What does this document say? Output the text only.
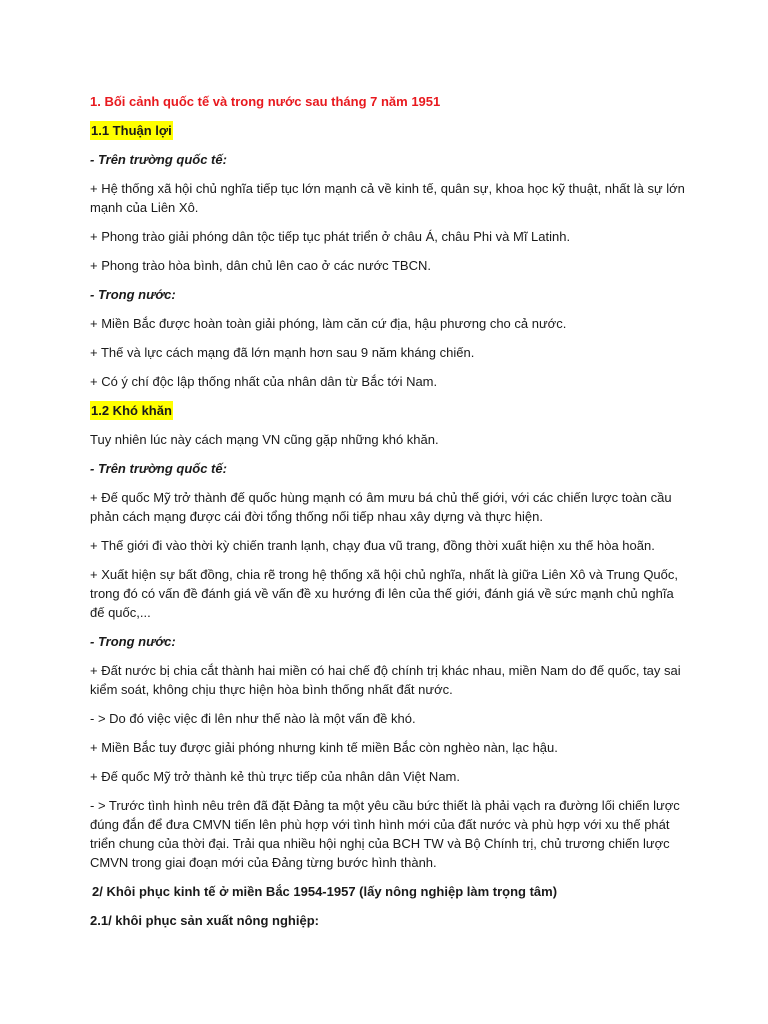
1. Bối cảnh quốc tế và trong nước sau tháng 7 năm 1951

1.1 Thuận lợi

- Trên trường quốc tế:

+ Hệ thống xã hội chủ nghĩa tiếp tục lớn mạnh cả về kinh tế, quân sự, khoa học kỹ thuật, nhất là sự lớn mạnh của Liên Xô.

+ Phong trào giải phóng dân tộc tiếp tục phát triển ở châu Á, châu Phi và Mĩ Latinh.

+ Phong trào hòa bình, dân chủ lên cao ở các nước TBCN.

- Trong nước:

+ Miền Bắc được hoàn toàn giải phóng, làm căn cứ địa, hậu phương cho cả nước.

+ Thế và lực cách mạng đã lớn mạnh hơn sau 9 năm kháng chiến.

+ Có ý chí độc lập thống nhất của nhân dân từ Bắc tới Nam.

1.2 Khó khăn

Tuy nhiên lúc này cách mạng VN cũng gặp những khó khăn.

- Trên trường quốc tế:

+ Đế quốc Mỹ trở thành đế quốc hùng mạnh có âm mưu bá chủ thế giới, với các chiến lược toàn cầu phản cách mạng được cái đời tổng thống nối tiếp nhau xây dựng và thực hiện.

+ Thế giới đi vào thời kỳ chiến tranh lạnh, chạy đua vũ trang, đồng thời xuất hiện xu thế hòa hoãn.

+ Xuất hiện sự bất đồng, chia rẽ trong hệ thống xã hội chủ nghĩa, nhất là giữa Liên Xô và Trung Quốc, trong đó có vấn đề đánh giá về vấn đề xu hướng đi lên của thế giới, đánh giá về sức mạnh chủ nghĩa đế quốc,...

- Trong nước:

+ Đất nước bị chia cắt thành hai miền có hai chế độ chính trị khác nhau, miền Nam do đế quốc, tay sai kiểm soát, không chịu thực hiện hòa bình thống nhất đất nước.

- > Do đó việc việc đi lên như thế nào là một vấn đề khó.

+ Miền Bắc tuy được giải phóng nhưng kinh tế miền Bắc còn nghèo nàn, lạc hậu.

+ Đế quốc Mỹ trở thành kẻ thù trực tiếp của nhân dân Việt Nam.

- > Trước tình hình nêu trên đã đặt Đảng ta một yêu cầu bức thiết là phải vạch ra đường lối chiến lược đúng đắn để đưa CMVN tiến lên phù hợp với tình hình mới của đất nước và phù hợp với xu thế phát triển chung của thời đại. Trải qua nhiều hội nghị của BCH TW và Bộ Chính trị, chủ trương chiến lược CMVN trong giai đoạn mới của Đảng từng bước hình thành.

2/ Khôi phục kinh tế ở miền Bắc 1954-1957 (lấy nông nghiệp làm trọng tâm)

2.1/ khôi phục sản xuất nông nghiệp:
